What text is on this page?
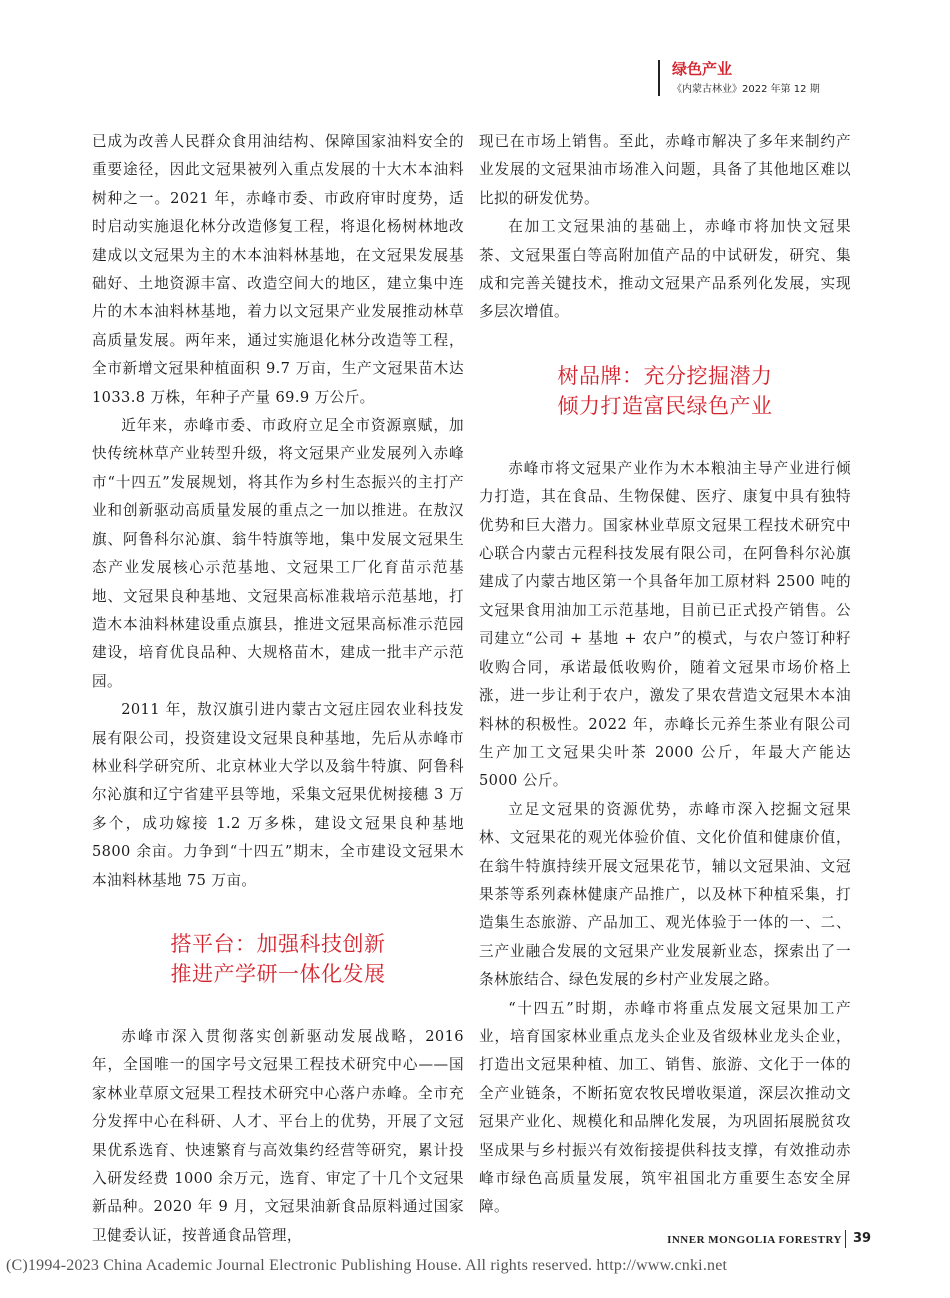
绿色产业
《内蒙古林业》2022 年第 12 期

已成为改善人民群众食用油结构、保障国家油料安全的重要途径，因此文冠果被列入重点发展的十大木本油料树种之一。2021 年，赤峰市委、市政府审时度势，适时启动实施退化林分改造修复工程，将退化杨树林地改建成以文冠果为主的木本油料林基地，在文冠果发展基础好、土地资源丰富、改造空间大的地区，建立集中连片的木本油料林基地，着力以文冠果产业发展推动林草高质量发展。两年来，通过实施退化林分改造等工程，全市新增文冠果种植面积 9.7 万亩，生产文冠果苗木达 1033.8 万株，年种子产量 69.9 万公斤。

近年来，赤峰市委、市政府立足全市资源禀赋，加快传统林草产业转型升级，将文冠果产业发展列入赤峰市“十四五”发展规划，将其作为乡村生态振兴的主打产业和创新驱动高质量发展的重点之一加以推进。在敖汉旗、阿鲁科尔沁旗、翁牛特旗等地，集中发展文冠果生态产业发展核心示范基地、文冠果工厂化育苗示范基地、文冠果良种基地、文冠果高标准栽培示范基地，打造木本油料林建设重点旗县，推进文冠果高标准示范园建设，培育优良品种、大规格苗木，建成一批丰产示范园。

2011 年，敖汉旗引进内蒙古文冠庄园农业科技发展有限公司，投资建设文冠果良种基地，先后从赤峰市林业科学研究所、北京林业大学以及翁牛特旗、阿鲁科尔沁旗和辽宁省建平县等地，采集文冠果优树接穗 3 万多个，成功嫁接 1.2 万多株，建设文冠果良种基地 5800 余亩。力争到“十四五”期末，全市建设文冠果木本油料林基地 75 万亩。

搭平台：加强科技创新
推进产学研一体化发展

赤峰市深入贯彻落实创新驱动发展战略，2016 年，全国唯一的国字号文冠果工程技术研究中心——国家林业草原文冠果工程技术研究中心落户赤峰。全市充分发挥中心在科研、人才、平台上的优势，开展了文冠果优系选育、快速繁育与高效集约经营等研究，累计投入研发经费 1000 余万元，选育、审定了十几个文冠果新品种。2020 年 9 月，文冠果油新食品原料通过国家卫健委认证，按普通食品管理，

现已在市场上销售。至此，赤峰市解决了多年来制约产业发展的文冠果油市场准入问题，具备了其他地区难以比拟的研发优势。

在加工文冠果油的基础上，赤峰市将加快文冠果茶、文冠果蛋白等高附加值产品的中试研发，研究、集成和完善关键技术，推动文冠果产品系列化发展，实现多层次增值。

树品牌：充分挖掘潜力
倾力打造富民绿色产业

赤峰市将文冠果产业作为木本粮油主导产业进行倾力打造，其在食品、生物保健、医疗、康复中具有独特优势和巨大潜力。国家林业草原文冠果工程技术研究中心联合内蒙古元程科技发展有限公司，在阿鲁科尔沁旗建成了内蒙古地区第一个具备年加工原材料 2500 吨的文冠果食用油加工示范基地，目前已正式投产销售。公司建立“公司 + 基地 + 农户”的模式，与农户签订种籽收购合同，承诺最低收购价，随着文冠果市场价格上涨，进一步让利于农户，激发了果农营造文冠果木本油料林的积极性。2022 年，赤峰长元养生茶业有限公司生产加工文冠果尖叶茶 2000 公斤，年最大产能达 5000 公斤。

立足文冠果的资源优势，赤峰市深入挖掘文冠果林、文冠果花的观光体验价值、文化价值和健康价值，在翁牛特旗持续开展文冠果花节，辅以文冠果油、文冠果茶等系列森林健康产品推广，以及林下种植采集，打造集生态旅游、产品加工、观光体验于一体的一、二、三产业融合发展的文冠果产业发展新业态，探索出了一条林旅结合、绿色发展的乡村产业发展之路。

“十四五”时期，赤峰市将重点发展文冠果加工产业，培育国家林业重点龙头企业及省级林业龙头企业，打造出文冠果种植、加工、销售、旅游、文化于一体的全产业链条，不断拓宽农牧民增收渠道，深层次推动文冠果产业化、规模化和品牌化发展，为巩固拓展脱贫攻坚成果与乡村振兴有效衔接提供科技支撑，有效推动赤峰市绿色高质量发展，筑牢祖国北方重要生态安全屏障。

INNER MONGOLIA FORESTRY 39
(C)1994-2023 China Academic Journal Electronic Publishing House. All rights reserved. http://www.cnki.net
